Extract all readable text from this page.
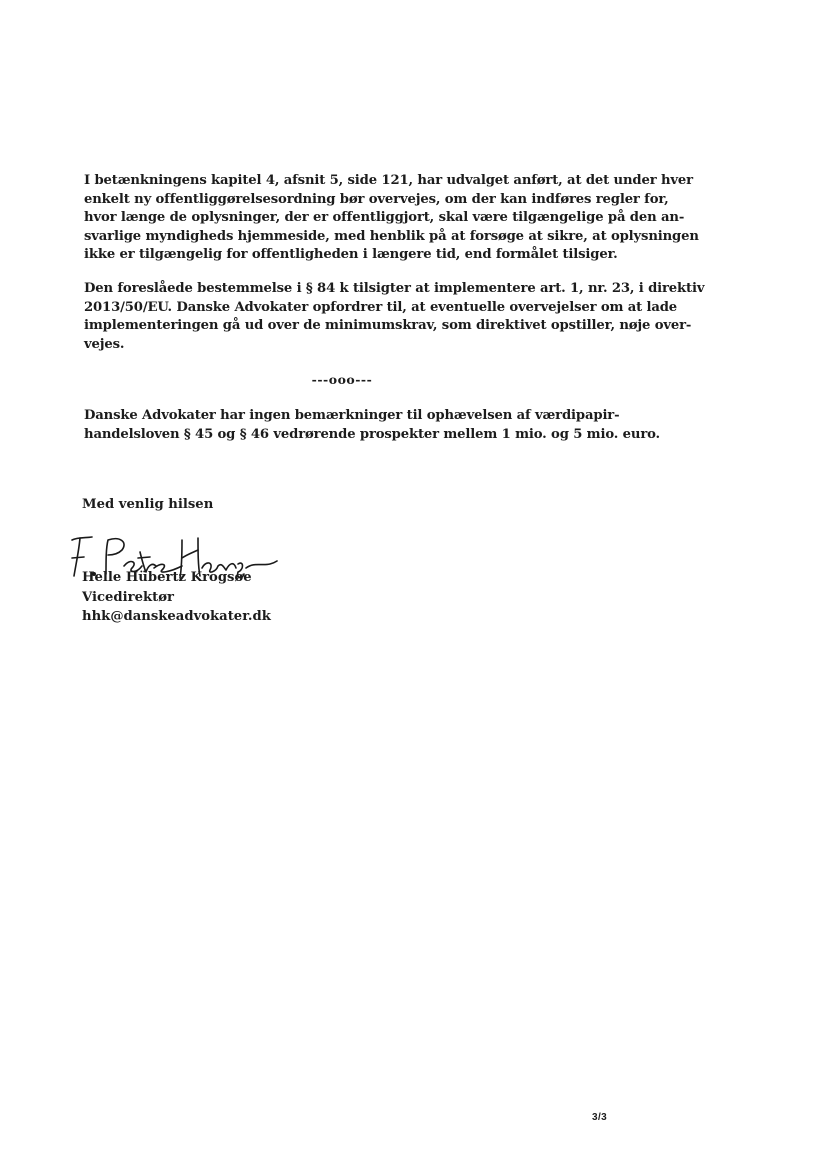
I betænkningens kapitel 4, afsnit 5, side 121, har udvalget anført, at det under hver
enkelt ny offentliggørelsesordning bør overvejes, om der kan indføres regler for,
hvor længe de oplysninger, der er offentliggjort, skal være tilgængelige på den an-
svarlige myndigheds hjemmeside, med henblik på at forsøge at sikre, at oplysningen
ikke er tilgængelig for offentligheden i længere tid, end formålet tilsiger.

Den foreslåede bestemmelse i § 84 k tilsigter at implementere art. 1, nr. 23, i direktiv
2013/50/EU. Danske Advokater opfordrer til, at eventuelle overvejelser om at lade
implementeringen gå ud over de minimumskrav, som direktivet opstiller, nøje over-
vejes.

---ooo---

Danske Advokater har ingen bemærkninger til ophævelsen af værdipapir-
handelsloven § 45 og § 46 vedrørende prospekter mellem 1 mio. og 5 mio. euro.

Med venlig hilsen
Helle Hübertz Krogsøe
Vicedirektør
hhk@danskeadvokater.dk
3/3
